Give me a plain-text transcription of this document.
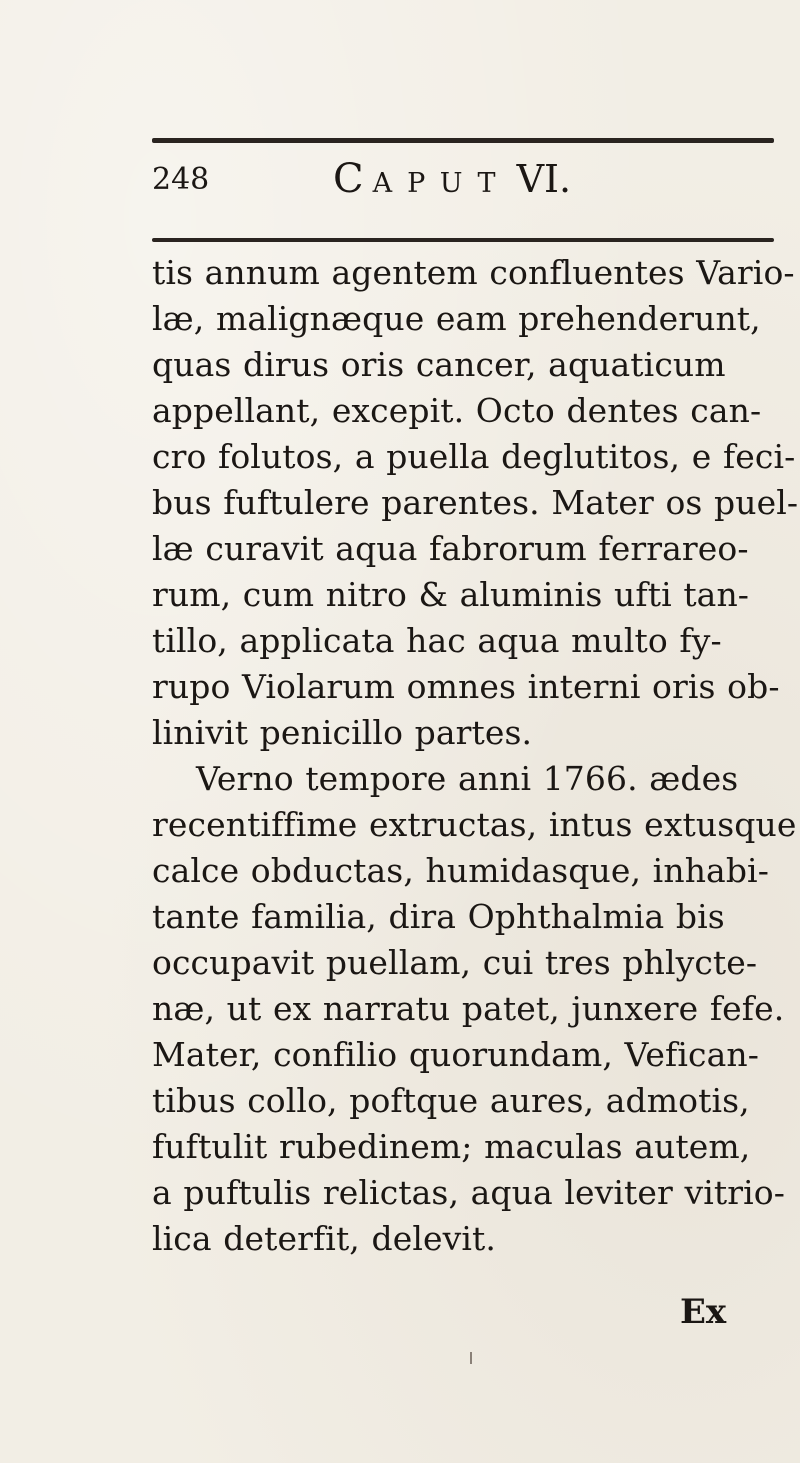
248	C APUT VI.
tis annum agentem confluentes Vario-
læ, malignæque eam prehenderunt,
quas dirus oris cancer, aquaticum
appellant, excepit. Octo dentes can-
cro folutos, a puella deglutitos, e feci-
bus fuftulere parentes. Mater os puel-
læ curavit aqua fabrorum ferrareo-
rum, cum nitro & aluminis ufti tan-
tillo, applicata hac aqua multo fy-
rupo Violarum omnes interni oris ob-
linivit penicillo partes.
Verno tempore anni 1766. ædes
recentiffime extructas, intus extusque
calce obductas, humidasque, inhabi-
tante familia, dira Ophthalmia bis
occupavit puellam, cui tres phlycte-
næ, ut ex narratu patet, junxere fefe.
Mater, confilio quorundam, Vefican-
tibus collo, poftque aures, admotis,
fuftulit rubedinem; maculas autem,
a puftulis relictas, aqua leviter vitrio-
lica deterfit, delevit.
Ex
